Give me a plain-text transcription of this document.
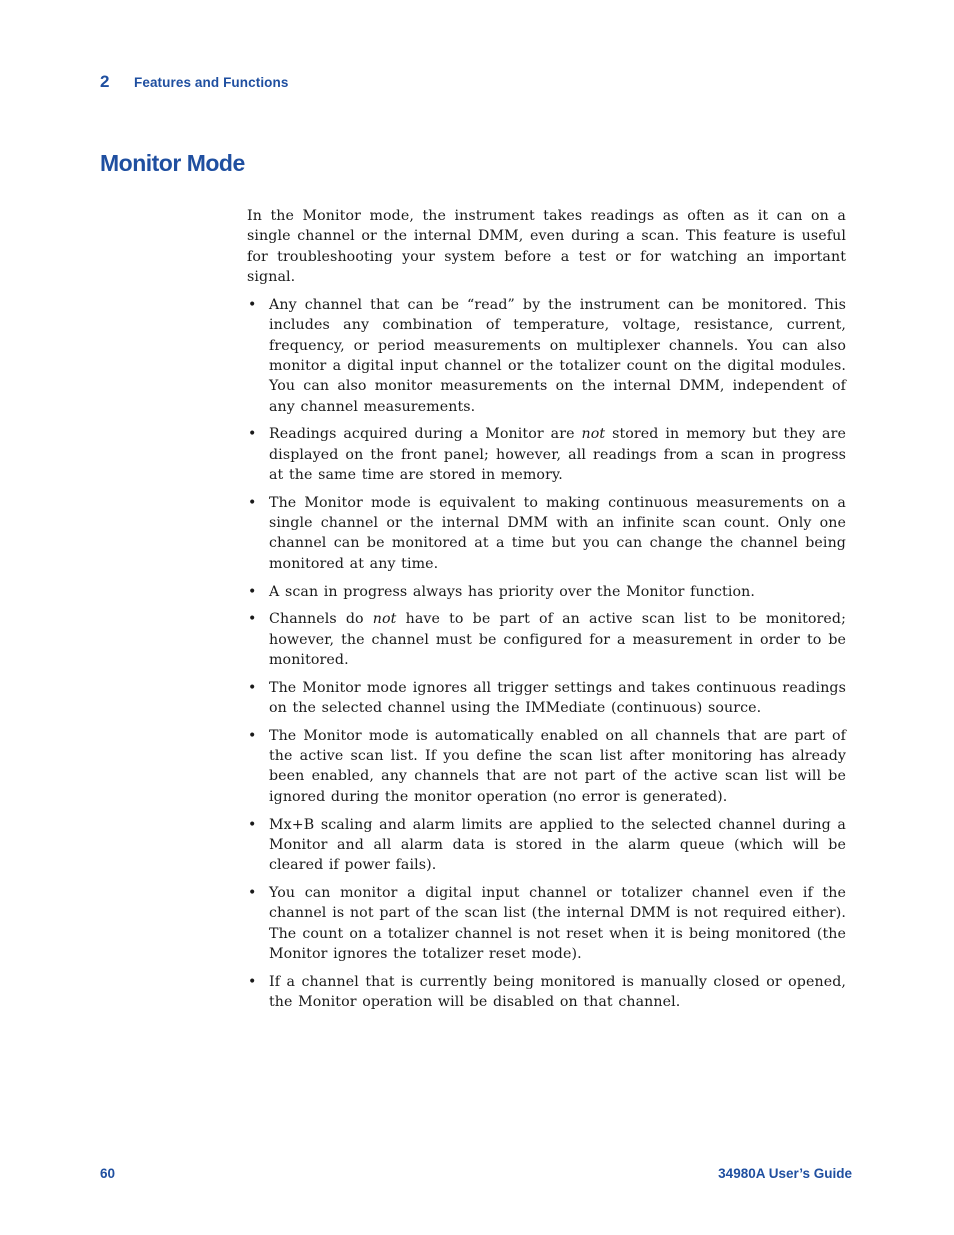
2	Features and Functions
Monitor Mode

In the Monitor mode, the instrument takes readings as often as it can on a single channel or the internal DMM, even during a scan. This feature is useful for troubleshooting your system before a test or for watching an important signal.

• Any channel that can be “read” by the instrument can be monitored. This includes any combination of temperature, voltage, resistance, current, frequency, or period measurements on multiplexer channels. You can also monitor a digital input channel or the totalizer count on the digital modules. You can also monitor measurements on the internal DMM, independent of any channel measurements.
• Readings acquired during a Monitor are not stored in memory but they are displayed on the front panel; however, all readings from a scan in progress at the same time are stored in memory.
• The Monitor mode is equivalent to making continuous measurements on a single channel or the internal DMM with an infinite scan count. Only one channel can be monitored at a time but you can change the channel being monitored at any time.
• A scan in progress always has priority over the Monitor function.
• Channels do not have to be part of an active scan list to be monitored; however, the channel must be configured for a measurement in order to be monitored.
• The Monitor mode ignores all trigger settings and takes continuous readings on the selected channel using the IMMediate (continuous) source.
• The Monitor mode is automatically enabled on all channels that are part of the active scan list. If you define the scan list after monitoring has already been enabled, any channels that are not part of the active scan list will be ignored during the monitor operation (no error is generated).
• Mx+B scaling and alarm limits are applied to the selected channel during a Monitor and all alarm data is stored in the alarm queue (which will be cleared if power fails).
• You can monitor a digital input channel or totalizer channel even if the channel is not part of the scan list (the internal DMM is not required either). The count on a totalizer channel is not reset when it is being monitored (the Monitor ignores the totalizer reset mode).
• If a channel that is currently being monitored is manually closed or opened, the Monitor operation will be disabled on that channel.
60	34980A User’s Guide
